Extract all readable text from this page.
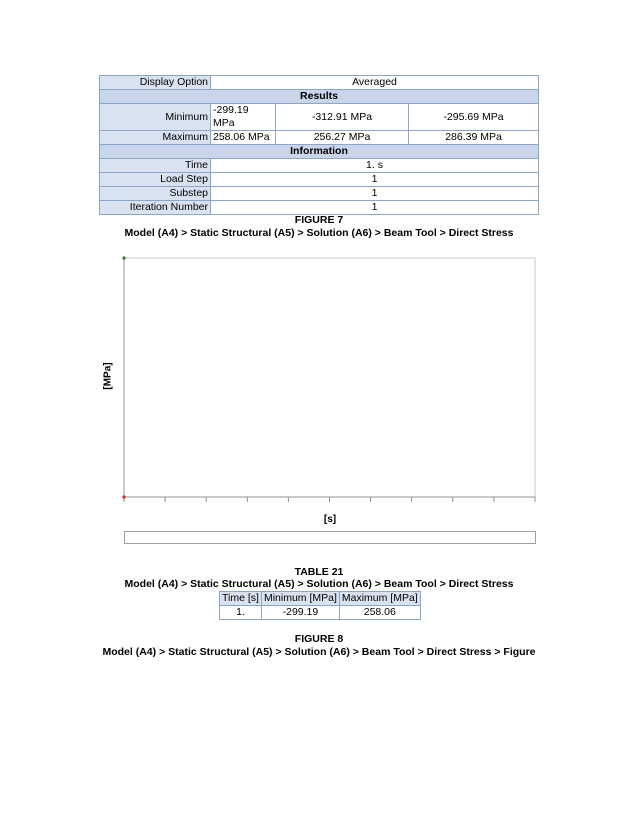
Display Option	Averaged		
Results			
Minimum	-299.19 MPa	-312.91 MPa	-295.69 MPa
Maximum	258.06 MPa	256.27 MPa	286.39 MPa
Information			
Time	1. s		
Load Step	1		
Substep	1		
Iteration Number	1		
FIGURE 7
Model (A4) > Static Structural (A5) > Solution (A6) > Beam Tool > Direct Stress
[MPa]
[s]
TABLE 21
Model (A4) > Static Structural (A5) > Solution (A6) > Beam Tool > Direct Stress
Time [s]	Minimum [MPa]	Maximum [MPa]
1.	-299.19	258.06
FIGURE 8
Model (A4) > Static Structural (A5) > Solution (A6) > Beam Tool > Direct Stress > Figure
